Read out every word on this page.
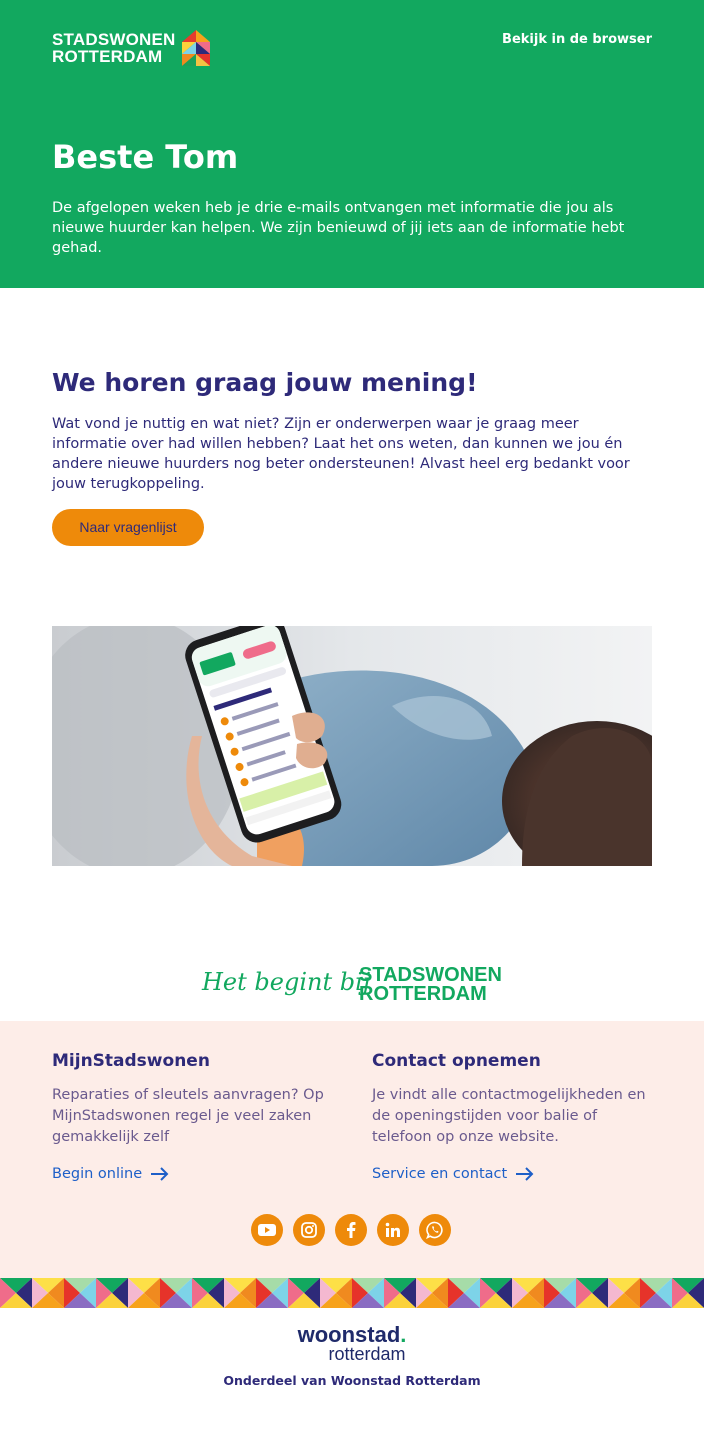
STADSWONEN
ROTTERDAM
Bekijk in de browser
Beste Tom

De afgelopen weken heb je drie e-mails ontvangen met informatie die jou als nieuwe huurder kan helpen. We zijn benieuwd of jij iets aan de informatie hebt gehad.

We horen graag jouw mening!

Wat vond je nuttig en wat niet? Zijn er onderwerpen waar je graag meer informatie over had willen hebben? Laat het ons weten, dan kunnen we jou én andere nieuwe huurders nog beter ondersteunen! Alvast heel erg bedankt voor jouw terugkoppeling.

Naar vragenlijst
Het begint bij
STADSWONEN
ROTTERDAM
MijnStadswonen
Reparaties of sleutels aanvragen? Op MijnStadswonen regel je veel zaken gemakkelijk zelf
Begin online
Contact opnemen
Je vindt alle contactmogelijkheden en de openingstijden voor balie of telefoon op onze website.
Service en contact
woonstad.
rotterdam
Onderdeel van Woonstad Rotterdam
